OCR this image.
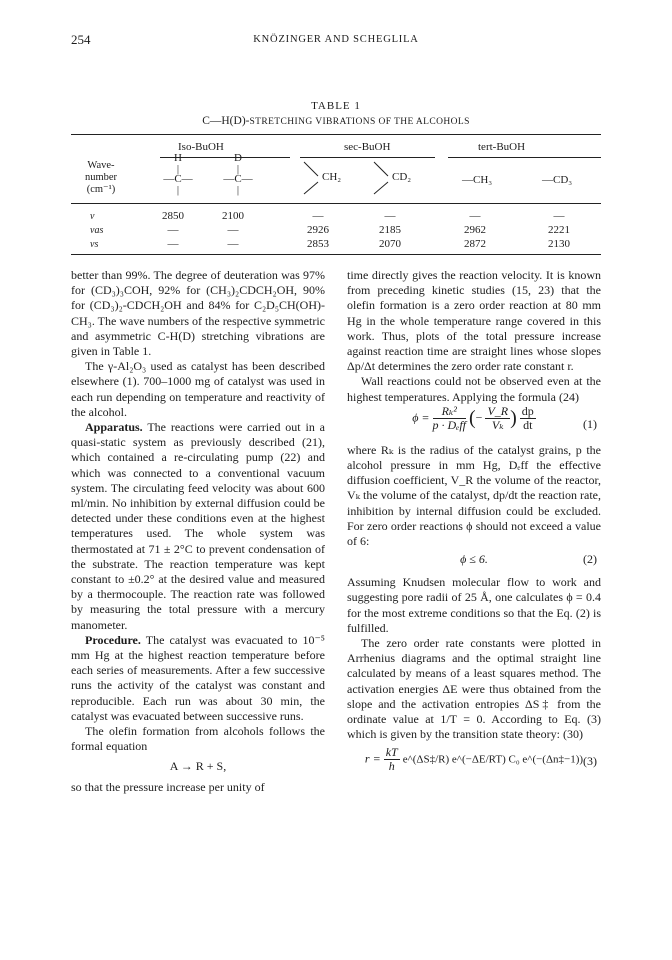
254	KNÖZINGER AND SCHEGLILA
TABLE 1
C—H(D)-STRETCHING VIBRATIONS OF THE ALCOHOLS
Iso-BuOH	sec-BuOH	tert-BuOH
Wave-
number
(cm⁻¹)
H
|
—C—
|
D
|
—C—
|
CH₂	CD₂	—CH₃	—CD₃
ν	2850	2100	—	—	—	—
νas	—	—	2926	2185	2962	2221
νs	—	—	2853	2070	2872	2130

better than 99%. The degree of deuteration was 97% for (CD₃)₃COH, 92% for (CH₃)₂CDCH₂OH, 90% for (CD₃)₂-CDCH₂OH and 84% for C₂D₅CH(OH)-CH₃. The wave numbers of the respective symmetric and asymmetric C-H(D) stretching vibrations are given in Table 1.

The γ-Al₂O₃ used as catalyst has been described elsewhere (1). 700–1000 mg of catalyst was used in each run depending on temperature and reactivity of the alcohol.

Apparatus. The reactions were carried out in a quasi-static system as previously described (21), which contained a re-circulating pump (22) and which was connected to a conventional vacuum system. The circulating feed velocity was about 600 ml/min. No inhibition by external diffusion could be detected under these conditions even at the highest temperatures used. The whole system was thermostated at 71 ± 2°C to prevent condensation of the substrate. The reaction temperature was kept constant to ±0.2° at the desired value and measured by a thermocouple. The reaction rate was followed by measuring the total pressure with a mercury manometer.

Procedure. The catalyst was evacuated to 10⁻⁵ mm Hg at the highest reaction temperature before each series of measurements. After a few successive runs the activity of the catalyst was constant and reproducible. Each run was about 30 min, the catalyst was evacuated between successive runs.

The olefin formation from alcohols follows the formal equation

A → R + S,

so that the pressure increase per unity of

time directly gives the reaction velocity. It is known from preceding kinetic studies (15, 23) that the olefin formation is a zero order reaction at 80 mm Hg in the whole temperature range covered in this work. Thus, plots of the total pressure increase against reaction time are straight lines whose slopes Δp/Δt determines the zero order rate constant r.

Wall reactions could not be observed even at the highest temperatures. Applying the formula (24)

$\phi = \frac{\text{Rₖ²}}{\text{p · Dₑff}}$ (− $\frac{V\_R}{\text{Vₖ}}$ ) $\frac{dp}{dt}$	(1)

where Rₖ is the radius of the catalyst grains, p the alcohol pressure in mm Hg, Dₑff the effective diffusion coefficient, V_R the volume of the reactor, Vₖ the volume of the catalyst, dp/dt the reaction rate, inhibition by internal diffusion could be excluded. For zero order reactions ϕ should not exceed a value of 6:

ϕ ≤ 6.	(2)

Assuming Knudsen molecular flow to work and suggesting pore radii of 25 Å, one calculates ϕ = 0.4 for the most extreme conditions so that the Eq. (2) is fulfilled.

The zero order rate constants were plotted in Arrhenius diagrams and the optimal straight line calculated by means of a least squares method. The activation energies ΔE were thus obtained from the slope and the activation entropies ΔS‡ from the ordinate value at 1/T = 0. According to Eq. (3) which is given by the transition state theory: (30)

$r = \frac{kT}{h}$ e^(ΔS‡/R) e^(−ΔE/RT) C₀ e^(−(Δn‡−1)) (3)
